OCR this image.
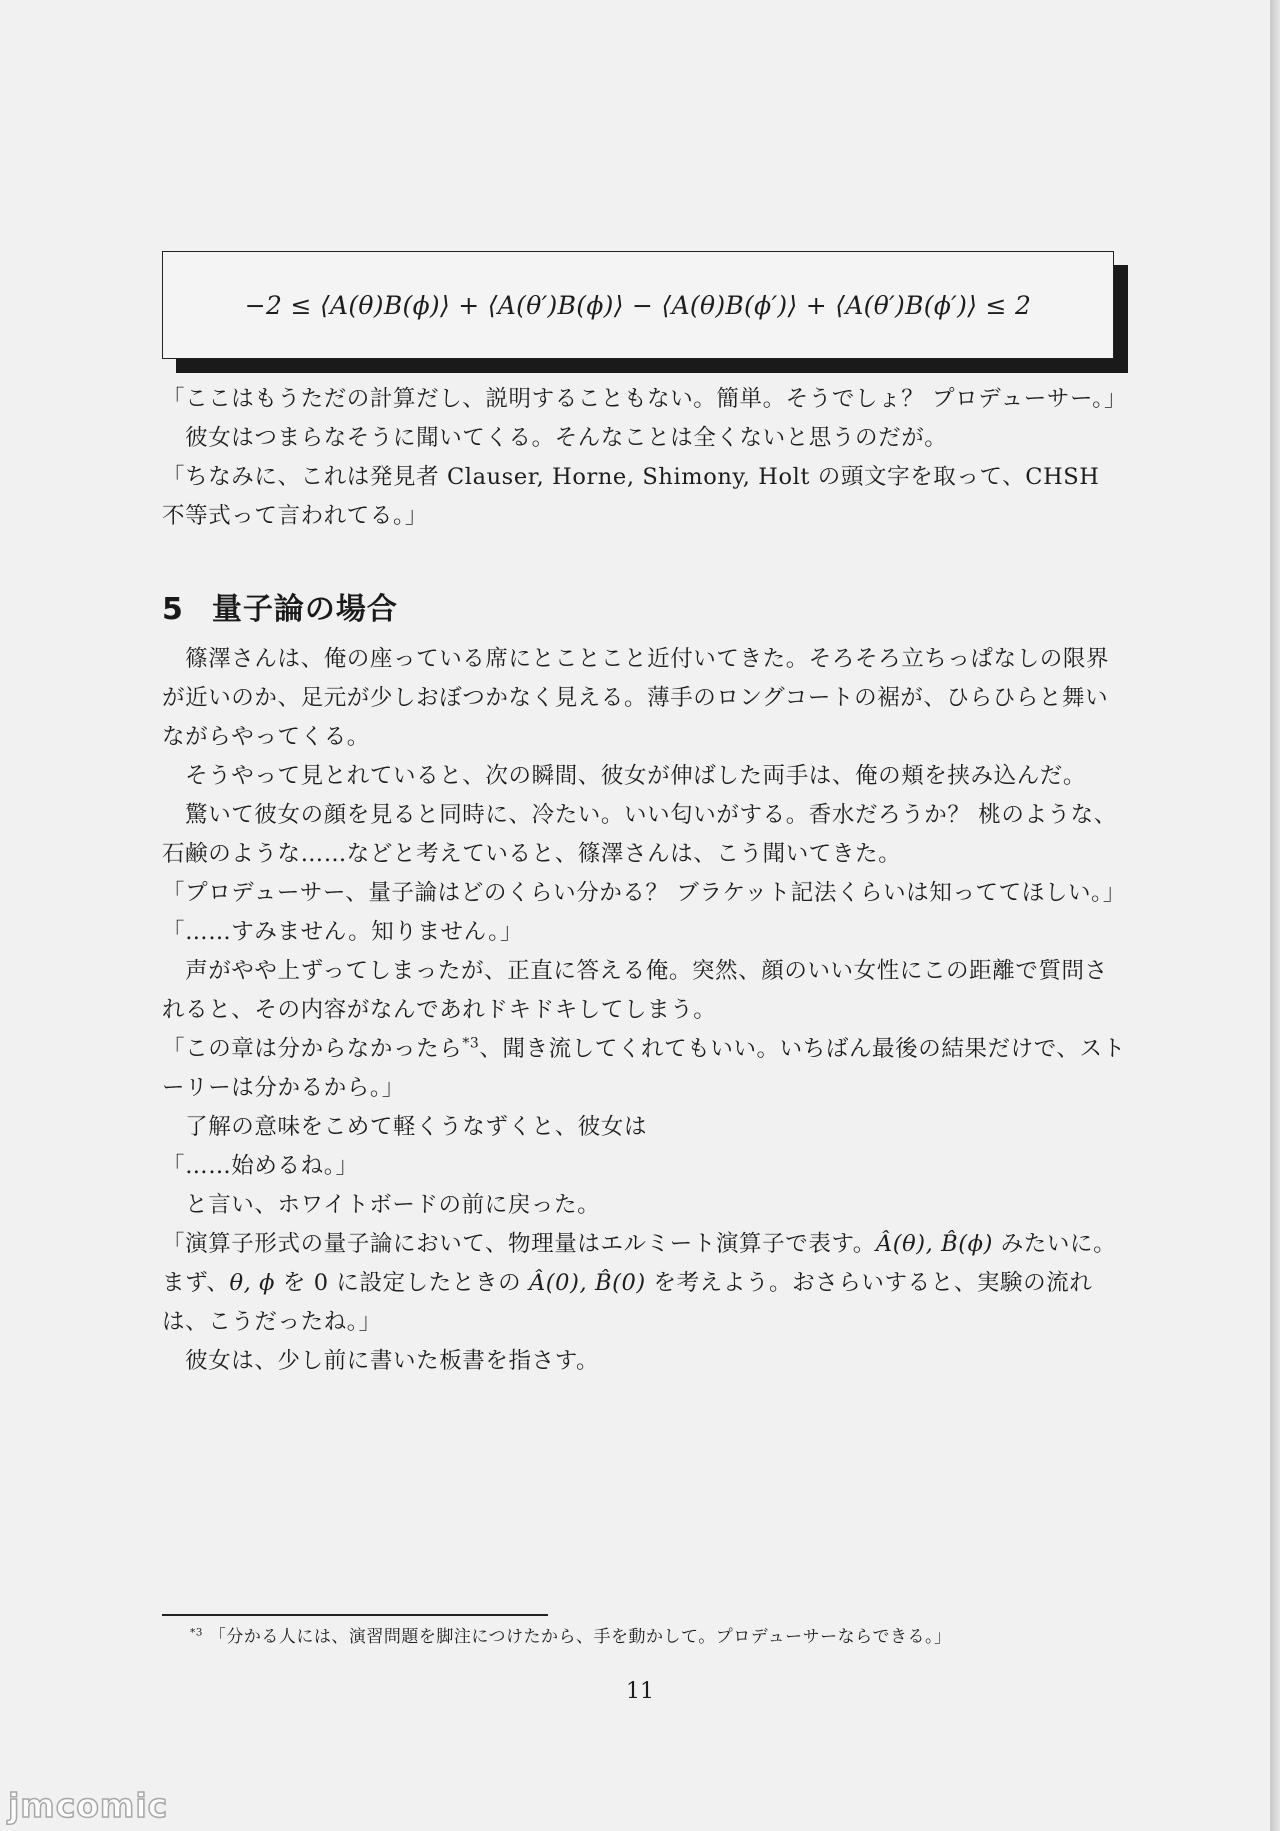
−2 ≤ ⟨A(θ)B(ϕ)⟩ + ⟨A(θ′)B(ϕ)⟩ − ⟨A(θ)B(ϕ′)⟩ + ⟨A(θ′)B(ϕ′)⟩ ≤ 2

「ここはもうただの計算だし、説明することもない。簡単。そうでしょ？ プロデューサー。」

　彼女はつまらなそうに聞いてくる。そんなことは全くないと思うのだが。

「ちなみに、これは発見者 Clauser, Horne, Shimony, Holt の頭文字を取って、CHSH 不等式って言われてる。」

　篠澤さんは、俺の座っている席にとことこと近付いてきた。そろそろ立ちっぱなしの限界が近いのか、足元が少しおぼつかなく見える。薄手のロングコートの裾が、ひらひらと舞いながらやってくる。

　そうやって見とれていると、次の瞬間、彼女が伸ばした両手は、俺の頬を挟み込んだ。

　驚いて彼女の顔を見ると同時に、冷たい。いい匂いがする。香水だろうか？ 桃のような、石鹸のような……などと考えていると、篠澤さんは、こう聞いてきた。

「プロデューサー、量子論はどのくらい分かる？ ブラケット記法くらいは知っててほしい。」

「……すみません。知りません。」

　声がやや上ずってしまったが、正直に答える俺。突然、顔のいい女性にこの距離で質問されると、その内容がなんであれドキドキしてしまう。

「この章は分からなかったら$^{*3}$、聞き流してくれてもいい。いちばん最後の結果だけで、ストーリーは分かるから。」

　了解の意味をこめて軽くうなずくと、彼女は

「……始めるね。」

　と言い、ホワイトボードの前に戻った。

「演算子形式の量子論において、物理量はエルミート演算子で表す。Â(θ), B̂(ϕ) みたいに。まず、θ, ϕ を 0 に設定したときの Â(0), B̂(0) を考えよう。おさらいすると、実験の流れは、こうだったね。」

　彼女は、少し前に書いた板書を指さす。

5 量子論の場合
$^{*3}$ 「分かる人には、演習問題を脚注につけたから、手を動かして。プロデューサーならできる。」
11
jmcomic
